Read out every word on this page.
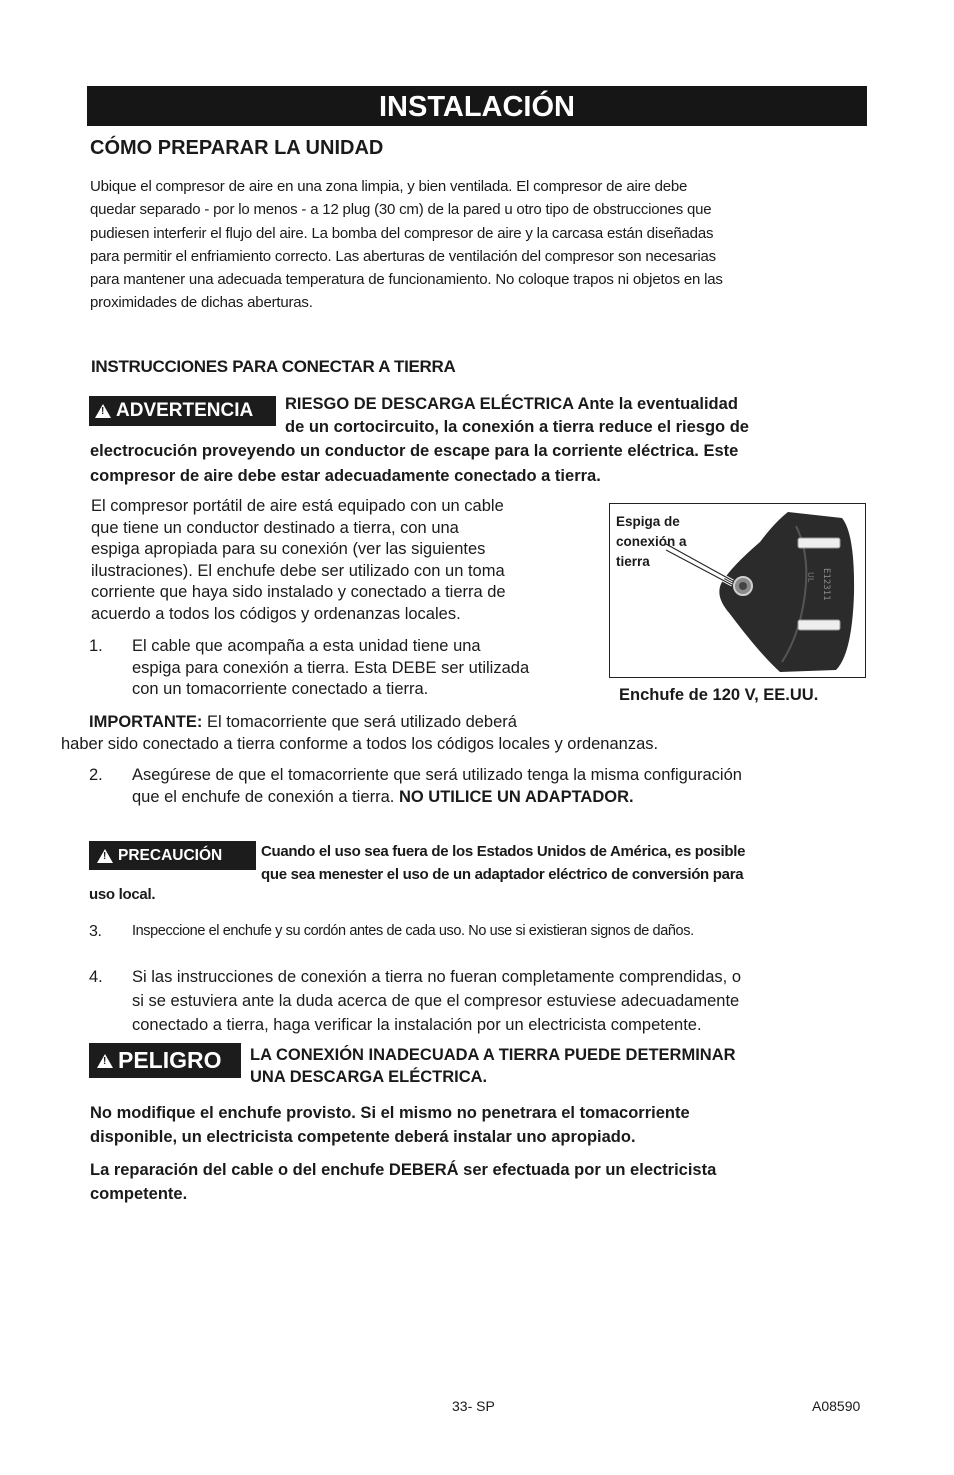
INSTALACIÓN
CÓMO PREPARAR LA UNIDAD
Ubique el compresor de aire en una zona limpia, y bien ventilada. El compresor de aire debe
quedar separado - por lo menos - a 12 plug (30 cm) de la pared u otro tipo de obstrucciones que
pudiesen interferir el flujo del aire. La bomba del compresor de aire y la carcasa están diseñadas
para permitir el enfriamiento correcto. Las aberturas de ventilación del compresor son necesarias
para mantener una adecuada temperatura de funcionamiento. No coloque trapos ni objetos en las
proximidades de dichas aberturas.
INSTRUCCIONES PARA CONECTAR A TIERRA
!
ADVERTENCIA RIESGO DE DESCARGA ELÉCTRICA Ante la eventualidad
de un cortocircuito, la conexión a tierra reduce el riesgo de
electrocución proveyendo un conductor de escape para la corriente eléctrica. Este
compresor de aire debe estar adecuadamente conectado a tierra.
El compresor portátil de aire está equipado con un cable
que tiene un conductor destinado a tierra, con una
espiga apropiada para su conexión (ver las siguientes
ilustraciones). El enchufe debe ser utilizado con un toma
corriente que haya sido instalado y conectado a tierra de
acuerdo a todos los códigos y ordenanzas locales.
1.	El cable que acompaña a esta unidad tiene una
espiga para conexión a tierra. Esta DEBE ser utilizada
con un tomacorriente conectado a tierra.
E12311
UL
Espiga de
conexión a
tierra
Enchufe de 120 V, EE.UU.
IMPORTANTE: El tomacorriente que será utilizado deberá
haber sido conectado a tierra conforme a todos los códigos locales y ordenanzas.
2.	Asegúrese de que el tomacorriente que será utilizado tenga la misma configuración
que el enchufe de conexión a tierra. NO UTILICE UN ADAPTADOR.
!
PRECAUCIÓN	Cuando el uso sea fuera de los Estados Unidos de América, es posible
que sea menester el uso de un adaptador eléctrico de conversión para
uso local.
3.	Inspeccione el enchufe y su cordón antes de cada uso. No use si existieran signos de daños.
4.	Si las instrucciones de conexión a tierra no fueran completamente comprendidas, o
si se estuviera ante la duda acerca de que el compresor estuviese adecuadamente
conectado a tierra, haga verificar la instalación por un electricista competente.
!
PELIGRO LA CONEXIÓN INADECUADA A TIERRA PUEDE DETERMINAR
UNA DESCARGA ELÉCTRICA.
No modifique el enchufe provisto. Si el mismo no penetrara el tomacorriente
disponible, un electricista competente deberá instalar uno apropiado.
La reparación del cable o del enchufe DEBERÁ ser efectuada por un electricista
competente.
33- SP	A08590
